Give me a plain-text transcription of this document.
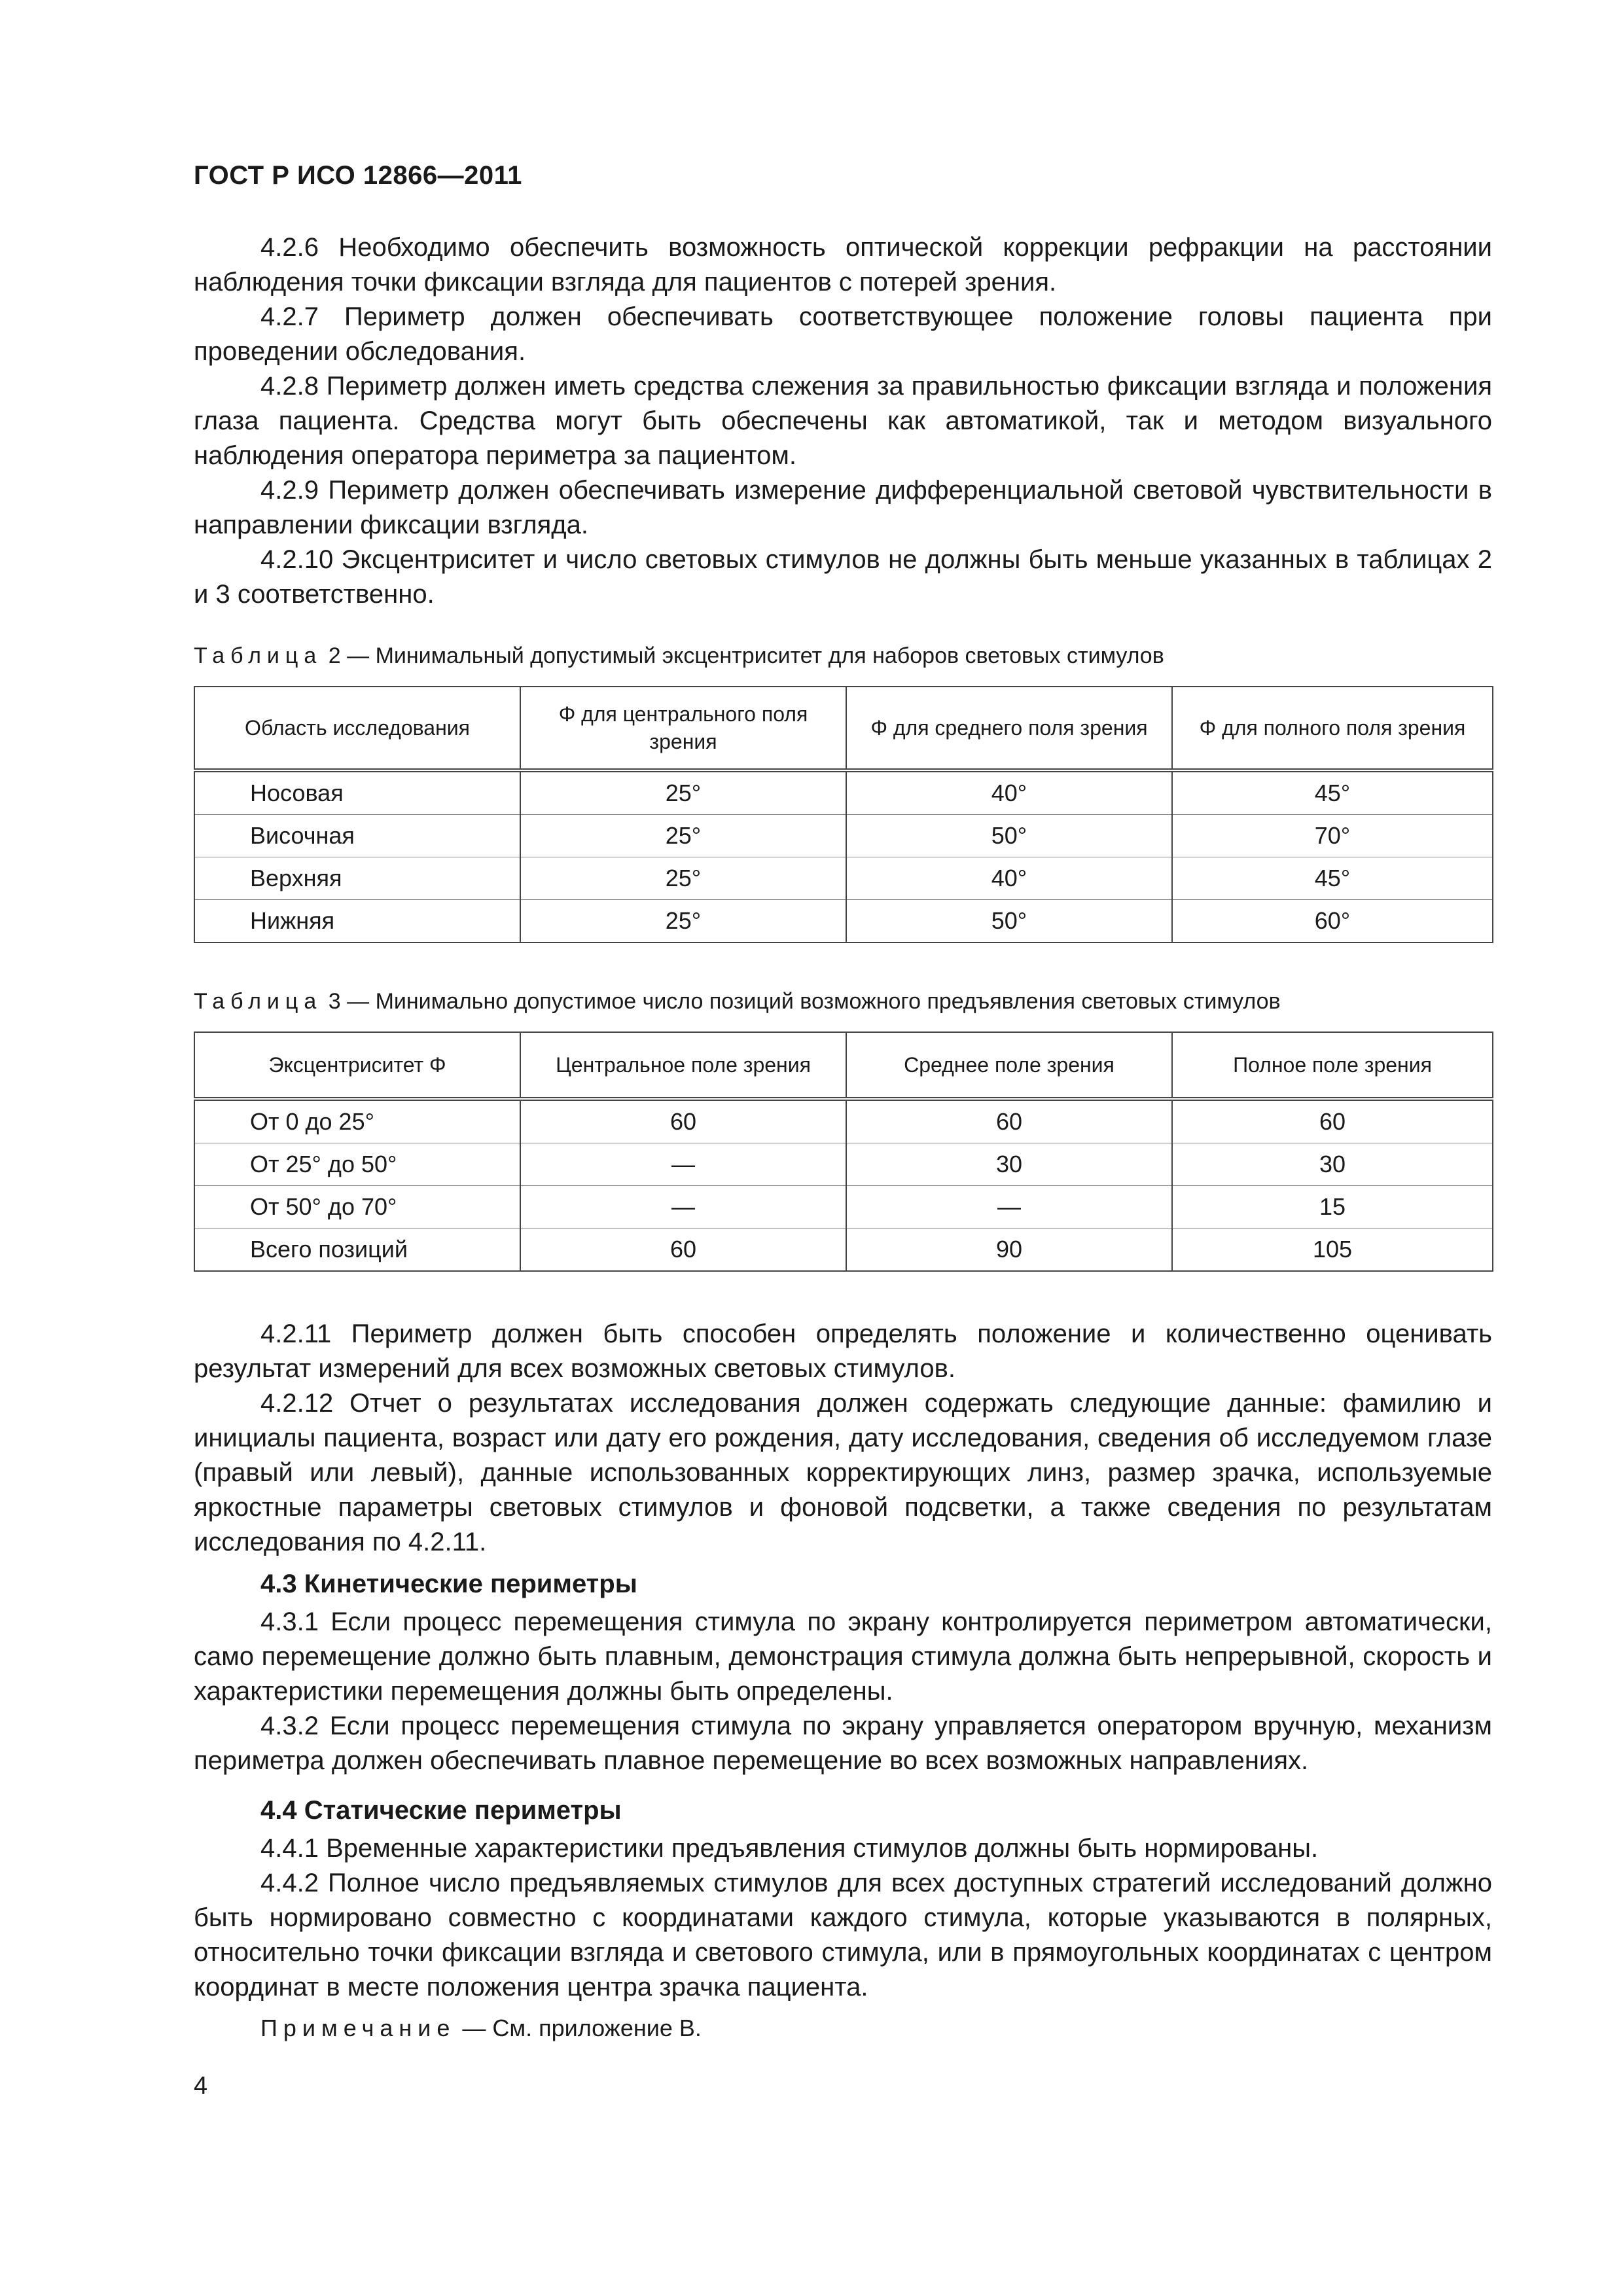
ГОСТ Р ИСО 12866—2011

4.2.6 Необходимо обеспечить возможность оптической коррекции рефракции на расстоянии наблюдения точки фиксации взгляда для пациентов с потерей зрения.

4.2.7 Периметр должен обеспечивать соответствующее положение головы пациента при проведении обследования.

4.2.8 Периметр должен иметь средства слежения за правильностью фиксации взгляда и положения глаза пациента. Средства могут быть обеспечены как автоматикой, так и методом визуального наблюдения оператора периметра за пациентом.

4.2.9 Периметр должен обеспечивать измерение дифференциальной световой чувствительности в направлении фиксации взгляда.

4.2.10 Эксцентриситет и число световых стимулов не должны быть меньше указанных в таблицах 2 и 3 соответственно.

Таблица 2 — Минимальный допустимый эксцентриситет для наборов световых стимулов
Область исследования	Φ для центрального поля зрения	Φ для среднего поля зрения	Φ для полного поля зрения
Носовая	25°	40°	45°
Височная	25°	50°	70°
Верхняя	25°	40°	45°
Нижняя	25°	50°	60°
Таблица 3 — Минимально допустимое число позиций возможного предъявления световых стимулов
Эксцентриситет Φ	Центральное поле зрения	Среднее поле зрения	Полное поле зрения
От 0 до 25°	60	60	60
От 25° до 50°	—	30	30
От 50° до 70°	—	—	15
Всего позиций	60	90	105

4.2.11 Периметр должен быть способен определять положение и количественно оценивать результат измерений для всех возможных световых стимулов.

4.2.12 Отчет о результатах исследования должен содержать следующие данные: фамилию и инициалы пациента, возраст или дату его рождения, дату исследования, сведения об исследуемом глазе (правый или левый), данные использованных корректирующих линз, размер зрачка, используемые яркостные параметры световых стимулов и фоновой подсветки, а также сведения по результатам исследования по 4.2.11.

4.3 Кинетические периметры

4.3.1 Если процесс перемещения стимула по экрану контролируется периметром автоматически, само перемещение должно быть плавным, демонстрация стимула должна быть непрерывной, скорость и характеристики перемещения должны быть определены.

4.3.2 Если процесс перемещения стимула по экрану управляется оператором вручную, механизм периметра должен обеспечивать плавное перемещение во всех возможных направлениях.

4.4 Статические периметры

4.4.1 Временные характеристики предъявления стимулов должны быть нормированы.

4.4.2 Полное число предъявляемых стимулов для всех доступных стратегий исследований должно быть нормировано совместно с координатами каждого стимула, которые указываются в полярных, относительно точки фиксации взгляда и светового стимула, или в прямоугольных координатах с центром координат в месте положения центра зрачка пациента.

Примечание — См. приложение В.
4
